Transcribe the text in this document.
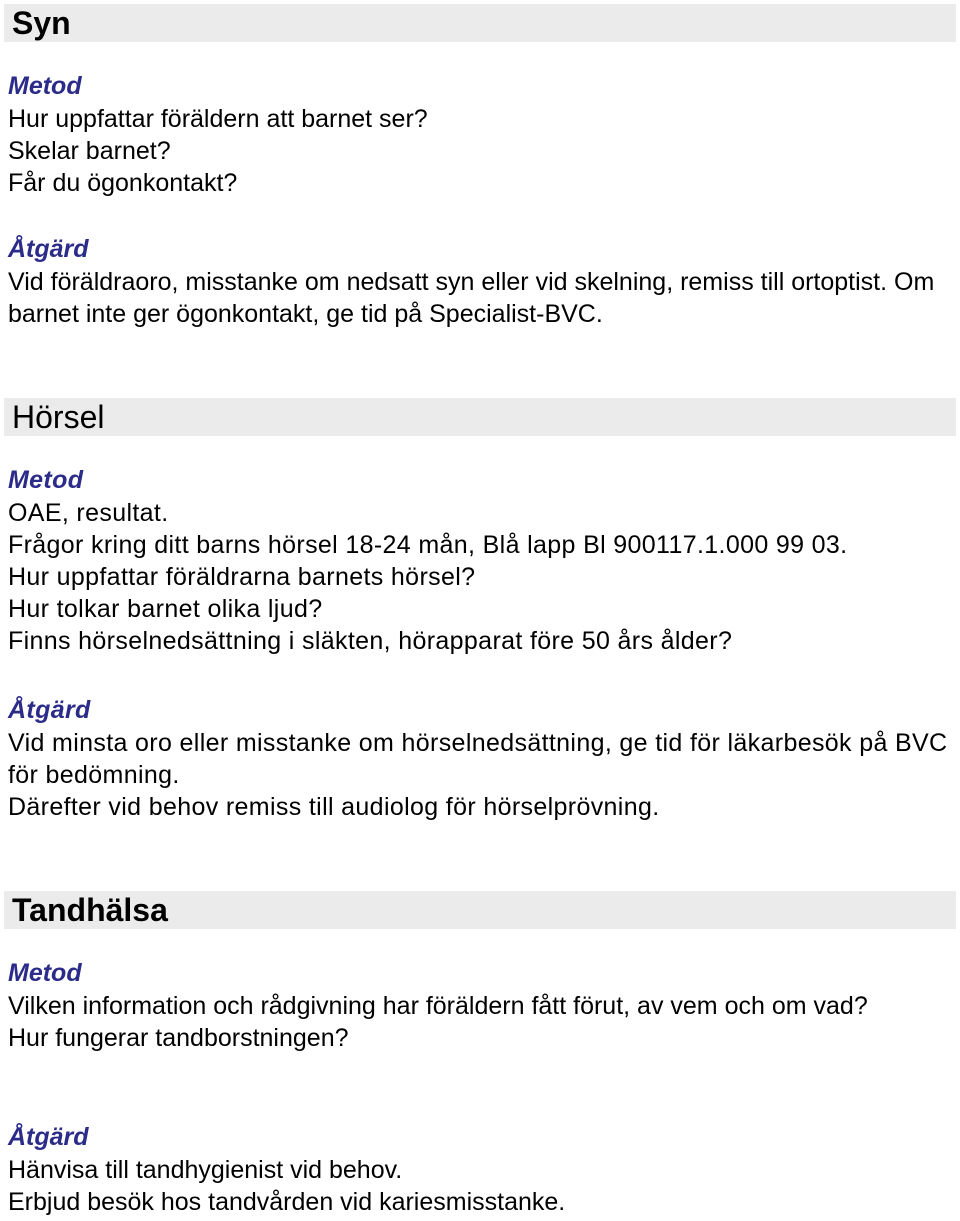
Syn
Metod
Hur uppfattar föräldern att barnet ser?
Skelar barnet?
Får du ögonkontakt?
Åtgärd
Vid föräldraoro, misstanke om nedsatt syn eller vid skelning, remiss till ortoptist. Om barnet inte ger ögonkontakt, ge tid på Specialist-BVC.
Hörsel
Metod
OAE, resultat.
Frågor kring ditt barns hörsel 18-24 mån, Blå lapp Bl 900117.1.000 99 03.
Hur uppfattar föräldrarna barnets hörsel?
Hur tolkar barnet olika ljud?
Finns hörselnedsättning i släkten, hörapparat före 50 års ålder?
Åtgärd
Vid minsta oro eller misstanke om hörselnedsättning, ge tid för läkarbesök på BVC för bedömning.
Därefter vid behov remiss till audiolog för hörselprövning.
Tandhälsa
Metod
Vilken information och rådgivning har föräldern fått förut, av vem och om vad?
Hur fungerar tandborstningen?
Åtgärd
Hänvisa till tandhygienist vid behov.
Erbjud besök hos tandvården vid kariesmisstanke.
